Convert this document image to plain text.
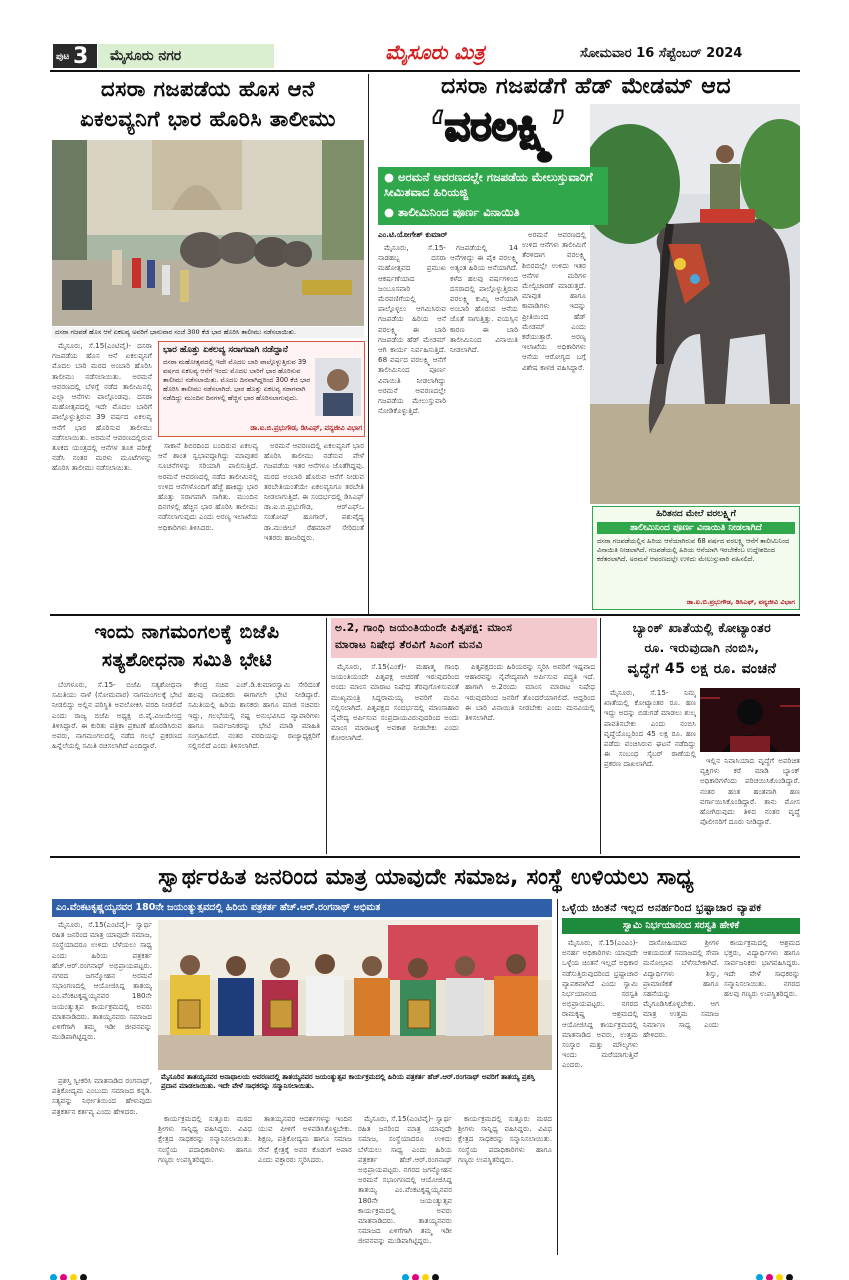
ಪುಟ 3 ಮೈಸೂರು ನಗರ	ಮೈಸೂರು ಮಿತ್ರ	ಸೋಮವಾರ 16 ಸೆಪ್ಟೆಂಬರ್ 2024
ದಸರಾ ಗಜಪಡೆಯ ಹೊಸ ಆನೆ
ಏಕಲವ್ಯನಿಗೆ ಭಾರ ಹೊರಿಸಿ ತಾಲೀಮು
ದಸರಾ ಗಜಪಡೆ ಹೊಸ ಆನೆ ಏಕಲವ್ಯ ಅವರಿಗೆ ಭಾನುವಾರ ಸಂಜೆ 300 ಕೆಜಿ ಭಾರ ಹೊರಿಸಿ ತಾಲೀಮು ನಡೆಸಲಾಯಿತು.

ಮೈಸೂರು, ಸೆ.15(ಎಂಟಿವೈ)- ದಸರಾ ಗಜಪಡೆಯ ಹೊಸ ಆನೆ ಏಕಲವ್ಯನಿಗೆ ಮೊದಲ ಬಾರಿ ಮರದ ಅಂಬಾರಿ ಹೊರಿಸಿ ತಾಲೀಮು ನಡೆಸಲಾಯಿತು. ಅರಮನೆ ಆವರಣದಲ್ಲಿ ಬೆಳಗ್ಗೆ ನಡೆದ ತಾಲೀಮಿನಲ್ಲಿ ಎಲ್ಲಾ ಆನೆಗಳು ಪಾಲ್ಗೊಂಡವು. ದಸರಾ ಮಹೋತ್ಸವದಲ್ಲಿ ಇದೇ ಮೊದಲ ಬಾರಿಗೆ ಪಾಲ್ಗೊಳ್ಳುತ್ತಿರುವ 39 ವರ್ಷದ ಏಕಲವ್ಯ ಆನೆಗೆ ಭಾರ ಹೊರಿಸುವ ತಾಲೀಮು ನಡೆಸಲಾಯಿತು. ಅರಮನೆ ಆವರಣದಲ್ಲಿರುವ ತೂಕದ ಯಂತ್ರದಲ್ಲಿ ಆನೆಗಳ ತೂಕ ಪರೀಕ್ಷೆ ನಡೆಸಿ ನಂತರ ಮರಳು ಮೂಟೆಗಳನ್ನು ಹೊರಿಸಿ ತಾಲೀಮು ನಡೆಸಲಾಯಿತು.

ಭಾರ ಹೊತ್ತು ಏಕಲವ್ಯ ಸರಾಗವಾಗಿ ನಡೆದ್ದಾನೆ
ದಸರಾ ಮಹೋತ್ಸವದಲ್ಲಿ ಇದೇ ಮೊದಲ ಬಾರಿ ಪಾಲ್ಗೊಳ್ಳುತ್ತಿರುವ 39 ವರ್ಷದ ಏಕಲವ್ಯ ಆನೆಗೆ ಇಂದು ಮೊದಲ ಬಾರಿಗೆ ಭಾರ ಹೊರಿಸುವ ತಾಲೀಮು ನಡೆಸಲಾಯಿತು. ಮೊದಲ ದಿನವಾಗಿದ್ದರಿಂದ 300 ಕೆಜಿ ಭಾರ ಹೊರಿಸಿ ತಾಲೀಮು ನಡೆಸಲಾಗಿದೆ. ಭಾರ ಹೊತ್ತು ಏಕಲವ್ಯ ಸರಾಗವಾಗಿ ನಡೆದಿದ್ದು ಮುಂದಿನ ದಿನಗಳಲ್ಲಿ ಹೆಚ್ಚಿನ ಭಾರ ಹೊರಿಸಲಾಗುವುದು.
ಡಾ.ಐ.ಬಿ.ಪ್ರಭುಗೌಡ, ಡಿಸಿಎಫ್, ವನ್ಯಜೀವಿ ವಿಭಾಗ

ಸಾಕಾನೆ ಶಿಬಿರದಿಂದ ಬಂದಿರುವ ಏಕಲವ್ಯ ಆನೆ ಶಾಂತ ಸ್ವಭಾವದ್ದಾಗಿದ್ದು ಮಾವುತರ ಸೂಚನೆಗಳನ್ನು ಸರಿಯಾಗಿ ಪಾಲಿಸುತ್ತಿದೆ. ಅರಮನೆ ಆವರಣದಲ್ಲಿ ನಡೆದ ತಾಲೀಮಿನಲ್ಲಿ ಉಳಿದ ಆನೆಗಳೊಂದಿಗೆ ಹೆಜ್ಜೆ ಹಾಕಿದ್ದು ಭಾರ ಹೊತ್ತು ಸರಾಗವಾಗಿ ಸಾಗಿತು. ಮುಂದಿನ ದಿನಗಳಲ್ಲಿ ಹೆಚ್ಚಿನ ಭಾರ ಹೊರಿಸಿ ತಾಲೀಮು ನಡೆಸಲಾಗುವುದು ಎಂದು ಅರಣ್ಯ ಇಲಾಖೆಯ ಅಧಿಕಾರಿಗಳು ತಿಳಿಸಿದರು.

ಅರಮನೆ ಆವರಣದಲ್ಲಿ ಏಕಲವ್ಯನಿಗೆ ಭಾರ ಹೊರಿಸಿ ತಾಲೀಮು ನಡೆಸುವ ವೇಳೆ ಗಜಪಡೆಯ ಇತರ ಆನೆಗಳೂ ಜೊತೆಗಿದ್ದವು. ಮರದ ಅಂಬಾರಿ ಹೊರುವ ಆನೆಗೆ ನೀಡುವ ತರಬೇತಿಯಂತೆಯೇ ಏಕಲವ್ಯನಿಗೂ ತರಬೇತಿ ನೀಡಲಾಗುತ್ತಿದೆ. ಈ ಸಂದರ್ಭದಲ್ಲಿ ಡಿಸಿಎಫ್ ಡಾ.ಐ.ಬಿ.ಪ್ರಭುಗೌಡ, ಆರ್‌ಎಫ್‌ಒ ಸಂತೋಷ್ ಹೂಗಾರ್, ಪಶುವೈದ್ಯ ಡಾ.ಮುಜೀಬ್ ರೆಹಮಾನ್ ಸೇರಿದಂತೆ ಇತರರು ಹಾಜರಿದ್ದರು.

ದಸರಾ ಗಜಪಡೆಗೆ ಹೆಡ್ ಮೇಡಮ್ ಆದ
‘ವರಲಕ್ಷ್ಮಿ’
● ಅರಮನೆ ಆವರಣದಲ್ಲೇ ಗಜಪಡೆಯ ಮೇಲುಸ್ತುವಾರಿಗೆ ಸೀಮಿತವಾದ ಹಿರಿಯಜ್ಜಿ
● ತಾಲೀಮಿನಿಂದ ಪೂರ್ಣ ವಿನಾಯಿತಿ
ಎಂ.ಟಿ.ಯೋಗೇಶ್ ಕುಮಾರ್

ಮೈಸೂರು, ಸೆ.15- ನಾಡಹಬ್ಬ ದಸರಾ ಮಹೋತ್ಸವದ ಪ್ರಮುಖ ಆಕರ್ಷಣೆಯಾದ ಜಂಬೂಸವಾರಿ ಮೆರವಣಿಗೆಯಲ್ಲಿ ಪಾಲ್ಗೊಳ್ಳಲು ಆಗಮಿಸಿರುವ ಗಜಪಡೆಯ ಹಿರಿಯ ಆನೆ ವರಲಕ್ಷ್ಮಿ ಈ ಬಾರಿ ಗಜಪಡೆಯ ಹೆಡ್ ಮೇಡಮ್ ಆಗಿ ಕಾರ್ಯ ನಿರ್ವಹಿಸುತ್ತಿದೆ. 68 ವರ್ಷದ ವರಲಕ್ಷ್ಮಿ ಆನೆಗೆ ತಾಲೀಮಿನಿಂದ ಪೂರ್ಣ ವಿನಾಯಿತಿ ನೀಡಲಾಗಿದ್ದು ಅರಮನೆ ಆವರಣದಲ್ಲೇ ಗಜಪಡೆಯ ಮೇಲುಸ್ತುವಾರಿ ನೋಡಿಕೊಳ್ಳುತ್ತಿದೆ.

ಗಜಪಡೆಯಲ್ಲಿ 14 ಆನೆಗಳಿದ್ದು ಈ ಪೈಕಿ ವರಲಕ್ಷ್ಮಿ ಅತ್ಯಂತ ಹಿರಿಯ ಆನೆಯಾಗಿದೆ. ಕಳೆದ ಹಲವು ವರ್ಷಗಳಿಂದ ದಸರಾದಲ್ಲಿ ಪಾಲ್ಗೊಳ್ಳುತ್ತಿರುವ ವರಲಕ್ಷ್ಮಿ ಕುಮ್ಕಿ ಆನೆಯಾಗಿ ಅಂಬಾರಿ ಹೊರುವ ಆನೆಯ ಜೊತೆ ಸಾಗುತ್ತಿತ್ತು. ವಯಸ್ಸಿನ ಕಾರಣ ಈ ಬಾರಿ ತಾಲೀಮಿನಿಂದ ವಿನಾಯಿತಿ ನೀಡಲಾಗಿದೆ.

ಅರಮನೆ ಆವರಣದಲ್ಲಿ ಉಳಿದ ಆನೆಗಳು ತಾಲೀಮಿಗೆ ತೆರಳಿದಾಗ ವರಲಕ್ಷ್ಮಿ ಶಿಬಿರದಲ್ಲೇ ಉಳಿದು ಇತರ ಆನೆಗಳ ಮರಿಗಳ ಮೇಲ್ವಿಚಾರಣೆ ಮಾಡುತ್ತದೆ. ಮಾವುತ ಹಾಗೂ ಕಾವಾಡಿಗಳು ಇದನ್ನು ಪ್ರೀತಿಯಿಂದ ಹೆಡ್ ಮೇಡಮ್ ಎಂದು ಕರೆಯುತ್ತಾರೆ. ಅರಣ್ಯ ಇಲಾಖೆಯ ಅಧಿಕಾರಿಗಳು ಆನೆಯ ಆರೋಗ್ಯದ ಬಗ್ಗೆ ವಿಶೇಷ ಕಾಳಜಿ ವಹಿಸಿದ್ದಾರೆ.

ಹಿರಿತನದ ಮೇಲೆ ವರಲಕ್ಷ್ಮಿಗೆ
ತಾಲೀಮಿನಿಂದ ಪೂರ್ಣ ವಿನಾಯಿತಿ ನೀಡಲಾಗಿದೆ
ದಸರಾ ಗಜಪಡೆಯಲ್ಲಿನ ಹಿರಿಯ ಆನೆಯಾಗಿರುವ 68 ವರ್ಷದ ವರಲಕ್ಷ್ಮಿ ಆನೆಗೆ ತಾಲೀಮಿನಿಂದ ವಿನಾಯಿತಿ ನೀಡಲಾಗಿದೆ. ಗಜಪಡೆಯಲ್ಲಿ ಹಿರಿಯ ಆನೆಯಾಗಿ ಇರಬೇಕೆಂಬ ಉದ್ದೇಶದಿಂದ ಕರೆತರಲಾಗಿದೆ. ಅರಮನೆ ಆವರಣದಲ್ಲೇ ಉಳಿದು ಮೇಲುಸ್ತುವಾರಿ ವಹಿಸಲಿದೆ.
ಡಾ.ಐ.ಬಿ.ಪ್ರಭುಗೌಡ, ಡಿಸಿಎಫ್, ವನ್ಯಜೀವಿ ವಿಭಾಗ
ಇಂದು ನಾಗಮಂಗಲಕ್ಕೆ ಬಿಜೆಪಿ
ಸತ್ಯಶೋಧನಾ ಸಮಿತಿ ಭೇಟಿ

ಬೆಂಗಳೂರು, ಸೆ.15- ಬಿಜೆಪಿ ಸತ್ಯಶೋಧನಾ ಸಮಿತಿಯು ನಾಳೆ (ಸೋಮವಾರ) ನಾಗಮಂಗಲಕ್ಕೆ ಭೇಟಿ ನೀಡಲಿದ್ದು ಅಲ್ಲಿನ ಪರಿಸ್ಥಿತಿ ಅವಲೋಕಿಸಿ ವರದಿ ನೀಡಲಿದೆ ಎಂದು ರಾಜ್ಯ ಬಿಜೆಪಿ ಅಧ್ಯಕ್ಷ ಬಿ.ವೈ.ವಿಜಯೇಂದ್ರ ತಿಳಿಸಿದ್ದಾರೆ. ಈ ಕುರಿತು ಪತ್ರಿಕಾ ಪ್ರಕಟಣೆ ಹೊರಡಿಸಿರುವ ಅವರು, ನಾಗಮಂಗಲದಲ್ಲಿ ನಡೆದ ಗಲಭೆ ಪ್ರಕರಣದ ಹಿನ್ನೆಲೆಯಲ್ಲಿ ಸಮಿತಿ ರಚಿಸಲಾಗಿದೆ ಎಂದಿದ್ದಾರೆ.

ಕೇಂದ್ರ ಸಚಿವ ಎಚ್.ಡಿ.ಕುಮಾರಸ್ವಾಮಿ ಸೇರಿದಂತೆ ಹಲವು ನಾಯಕರು ಈಗಾಗಲೇ ಭೇಟಿ ನೀಡಿದ್ದಾರೆ. ಸಮಿತಿಯಲ್ಲಿ ಹಿರಿಯ ಶಾಸಕರು ಹಾಗೂ ಮಾಜಿ ಸಚಿವರು ಇದ್ದು, ಗಲಭೆಯಲ್ಲಿ ನಷ್ಟ ಅನುಭವಿಸಿದ ವ್ಯಾಪಾರಿಗಳು ಹಾಗೂ ಸಾರ್ವಜನಿಕರನ್ನು ಭೇಟಿ ಮಾಡಿ ಮಾಹಿತಿ ಸಂಗ್ರಹಿಸಲಿದೆ. ನಂತರ ವರದಿಯನ್ನು ರಾಜ್ಯಾಧ್ಯಕ್ಷರಿಗೆ ಸಲ್ಲಿಸಲಿದೆ ಎಂದು ತಿಳಿಸಲಾಗಿದೆ.

ಅ.2, ಗಾಂಧಿ ಜಯಂತಿಯಂದೇ ಪಿತೃಪಕ್ಷ: ಮಾಂಸ
ಮಾರಾಟ ನಿಷೇಧ ತೆರವಿಗೆ ಸಿಎಂಗೆ ಮನವಿ

ಮೈಸೂರು, ಸೆ.15(ಎಂಕೆ)- ಮಹಾತ್ಮ ಗಾಂಧಿ ಜಯಂತಿಯಂದೇ ಪಿತೃಪಕ್ಷ ಆಚರಣೆ ಇರುವುದರಿಂದ ಅಂದು ಮಾಂಸ ಮಾರಾಟ ನಿಷೇಧ ತೆರವುಗೊಳಿಸುವಂತೆ ಮುಖ್ಯಮಂತ್ರಿ ಸಿದ್ದರಾಮಯ್ಯ ಅವರಿಗೆ ಮನವಿ ಸಲ್ಲಿಸಲಾಗಿದೆ. ಪಿತೃಪಕ್ಷದ ಸಂದರ್ಭದಲ್ಲಿ ಮಾಂಸಾಹಾರ ನೈವೇದ್ಯ ಅರ್ಪಿಸುವ ಸಂಪ್ರದಾಯವಿರುವುದರಿಂದ ಅಂದು ಮಾಂಸ ಮಾರಾಟಕ್ಕೆ ಅವಕಾಶ ನೀಡಬೇಕು ಎಂದು ಕೋರಲಾಗಿದೆ.

ಪಿತೃಪಕ್ಷದಂದು ಹಿರಿಯರನ್ನು ಸ್ಮರಿಸಿ ಅವರಿಗೆ ಇಷ್ಟವಾದ ಆಹಾರವನ್ನು ನೈವೇದ್ಯವಾಗಿ ಅರ್ಪಿಸುವ ಪದ್ಧತಿ ಇದೆ. ಹಾಗಾಗಿ ಅ.2ರಂದು ಮಾಂಸ ಮಾರಾಟ ನಿಷೇಧ ಇರುವುದರಿಂದ ಜನರಿಗೆ ತೊಂದರೆಯಾಗಲಿದೆ. ಆದ್ದರಿಂದ ಈ ಬಾರಿ ವಿನಾಯಿತಿ ನೀಡಬೇಕು ಎಂದು ಮನವಿಯಲ್ಲಿ ತಿಳಿಸಲಾಗಿದೆ.

ಬ್ಯಾಂಕ್ ಖಾತೆಯಲ್ಲಿ ಕೋಟ್ಯಾಂತರ
ರೂ. ಇರುವುದಾಗಿ ನಂಬಿಸಿ,
ವೃದ್ಧೆಗೆ 45 ಲಕ್ಷ ರೂ. ವಂಚನೆ

ಮೈಸೂರು, ಸೆ.15- ನಿಮ್ಮ ಖಾತೆಯಲ್ಲಿ ಕೋಟ್ಯಾಂತರ ರೂ. ಹಣ ಇದ್ದು ಅದನ್ನು ಬಿಡುಗಡೆ ಮಾಡಲು ಶುಲ್ಕ ಪಾವತಿಸಬೇಕು ಎಂದು ನಂಬಿಸಿ ವೃದ್ಧೆಯೊಬ್ಬರಿಂದ 45 ಲಕ್ಷ ರೂ. ಹಣ ಪಡೆದು ವಂಚಿಸಿರುವ ಘಟನೆ ನಡೆದಿದ್ದು ಈ ಸಂಬಂಧ ಸೈಬರ್ ಠಾಣೆಯಲ್ಲಿ ಪ್ರಕರಣ ದಾಖಲಾಗಿದೆ.	ಇಲ್ಲಿನ ನಿವಾಸಿಯಾದ ವೃದ್ಧೆಗೆ ಅಪರಿಚಿತ ವ್ಯಕ್ತಿಗಳು ಕರೆ ಮಾಡಿ ಬ್ಯಾಂಕ್ ಅಧಿಕಾರಿಗಳೆಂದು ಪರಿಚಯಿಸಿಕೊಂಡಿದ್ದಾರೆ. ನಂತರ ಹಂತ ಹಂತವಾಗಿ ಹಣ ವರ್ಗಾಯಿಸಿಕೊಂಡಿದ್ದಾರೆ. ತಾನು ಮೋಸ ಹೋಗಿರುವುದು ತಿಳಿದ ನಂತರ ವೃದ್ಧೆ ಪೊಲೀಸರಿಗೆ ದೂರು ನೀಡಿದ್ದಾರೆ.

ಸ್ವಾರ್ಥರಹಿತ ಜನರಿಂದ ಮಾತ್ರ ಯಾವುದೇ ಸಮಾಜ, ಸಂಸ್ಥೆ ಉಳಿಯಲು ಸಾಧ್ಯ
ಎಂ.ವೆಂಕಟಕೃಷ್ಣಯ್ಯನವರ 180ನೇ ಜಯಂತ್ಯುತ್ಸವದಲ್ಲಿ ಹಿರಿಯ ಪತ್ರಕರ್ತ ಹೆಚ್.ಆರ್.ರಂಗನಾಥ್ ಅಭಿಮತ

ಮೈಸೂರು, ಸೆ.15(ಎಂಟಿವೈ)- ಸ್ವಾರ್ಥ ರಹಿತ ಜನರಿಂದ ಮಾತ್ರ ಯಾವುದೇ ಸಮಾಜ, ಸಂಸ್ಥೆಯಾದರೂ ಉಳಿದು ಬೆಳೆಯಲು ಸಾಧ್ಯ ಎಂದು ಹಿರಿಯ ಪತ್ರಕರ್ತ ಹೆಚ್.ಆರ್.ರಂಗನಾಥ್ ಅಭಿಪ್ರಾಯಪಟ್ಟರು. ನಗರದ ಜಗನ್ಮೋಹನ ಅರಮನೆ ಸಭಾಂಗಣದಲ್ಲಿ ಆಯೋಜಿಸಿದ್ದ ತಾತಯ್ಯ ಎಂ.ವೆಂಕಟಕೃಷ್ಣಯ್ಯನವರ 180ನೇ ಜಯಂತ್ಯುತ್ಸವ ಕಾರ್ಯಕ್ರಮದಲ್ಲಿ ಅವರು ಮಾತನಾಡಿದರು. ತಾತಯ್ಯನವರು ಸಮಾಜದ ಏಳಿಗೆಗಾಗಿ ತಮ್ಮ ಇಡೀ ಜೀವನವನ್ನು ಮುಡಿಪಾಗಿಟ್ಟಿದ್ದರು.

ಮೈಸೂರಿನ ತಾತಯ್ಯನವರ ಅನಾಥಾಲಯ ಅವರಣದಲ್ಲಿ ತಾತಯ್ಯನವರ ಜಯಂತ್ಯುತ್ಸವ ಕಾರ್ಯಕ್ರಮದಲ್ಲಿ ಹಿರಿಯ ಪತ್ರಕರ್ತ ಹೆಚ್.ಆರ್.ರಂಗನಾಥ್ ಅವರಿಗೆ ತಾತಯ್ಯ ಪ್ರಶಸ್ತಿ ಪ್ರದಾನ ಮಾಡಲಾಯಿತು. ಇದೇ ವೇಳೆ ಸಾಧಕರನ್ನು ಸನ್ಮಾನಿಸಲಾಯಿತು.

ಪ್ರಶಸ್ತಿ ಸ್ವೀಕರಿಸಿ ಮಾತನಾಡಿದ ರಂಗನಾಥ್, ಪತ್ರಿಕೋದ್ಯಮ ಎಂಬುದು ಸಮಾಜದ ಕನ್ನಡಿ. ಸತ್ಯವನ್ನು ನಿರ್ಭೀತಿಯಿಂದ ಹೇಳುವುದು ಪತ್ರಕರ್ತನ ಕರ್ತವ್ಯ ಎಂದು ಹೇಳಿದರು.

ಕಾರ್ಯಕ್ರಮದಲ್ಲಿ ಸುತ್ತೂರು ಮಠದ ಶ್ರೀಗಳು ಸಾನ್ನಿಧ್ಯ ವಹಿಸಿದ್ದರು. ವಿವಿಧ ಕ್ಷೇತ್ರದ ಸಾಧಕರನ್ನು ಸನ್ಮಾನಿಸಲಾಯಿತು. ಸಂಸ್ಥೆಯ ಪದಾಧಿಕಾರಿಗಳು ಹಾಗೂ ಗಣ್ಯರು ಉಪಸ್ಥಿತರಿದ್ದರು.

ತಾತಯ್ಯನವರ ಆದರ್ಶಗಳನ್ನು ಇಂದಿನ ಯುವ ಪೀಳಿಗೆ ಅಳವಡಿಸಿಕೊಳ್ಳಬೇಕು. ಶಿಕ್ಷಣ, ಪತ್ರಿಕೋದ್ಯಮ ಹಾಗೂ ಸಮಾಜ ಸೇವೆ ಕ್ಷೇತ್ರಕ್ಕೆ ಅವರ ಕೊಡುಗೆ ಅಪಾರ ಎಂದು ವಕ್ತಾರರು ಸ್ಮರಿಸಿದರು.

ಮೈಸೂರು, ಸೆ.15(ಎಂಟಿವೈ)- ಸ್ವಾರ್ಥ ರಹಿತ ಜನರಿಂದ ಮಾತ್ರ ಯಾವುದೇ ಸಮಾಜ, ಸಂಸ್ಥೆಯಾದರೂ ಉಳಿದು ಬೆಳೆಯಲು ಸಾಧ್ಯ ಎಂದು ಹಿರಿಯ ಪತ್ರಕರ್ತ ಹೆಚ್.ಆರ್.ರಂಗನಾಥ್ ಅಭಿಪ್ರಾಯಪಟ್ಟರು. ನಗರದ ಜಗನ್ಮೋಹನ ಅರಮನೆ ಸಭಾಂಗಣದಲ್ಲಿ ಆಯೋಜಿಸಿದ್ದ ತಾತಯ್ಯ ಎಂ.ವೆಂಕಟಕೃಷ್ಣಯ್ಯನವರ 180ನೇ ಜಯಂತ್ಯುತ್ಸವ ಕಾರ್ಯಕ್ರಮದಲ್ಲಿ ಅವರು ಮಾತನಾಡಿದರು. ತಾತಯ್ಯನವರು ಸಮಾಜದ ಏಳಿಗೆಗಾಗಿ ತಮ್ಮ ಇಡೀ ಜೀವನವನ್ನು ಮುಡಿಪಾಗಿಟ್ಟಿದ್ದರು.

ಕಾರ್ಯಕ್ರಮದಲ್ಲಿ ಸುತ್ತೂರು ಮಠದ ಶ್ರೀಗಳು ಸಾನ್ನಿಧ್ಯ ವಹಿಸಿದ್ದರು. ವಿವಿಧ ಕ್ಷೇತ್ರದ ಸಾಧಕರನ್ನು ಸನ್ಮಾನಿಸಲಾಯಿತು. ಸಂಸ್ಥೆಯ ಪದಾಧಿಕಾರಿಗಳು ಹಾಗೂ ಗಣ್ಯರು ಉಪಸ್ಥಿತರಿದ್ದರು.

ಒಳ್ಳೆಯ ಚಿಂತನೆ ಇಲ್ಲದ ಅನರ್ಹರಿಂದ ಭ್ರಷ್ಟಾಚಾರ ವ್ಯಾಪಕ
ಸ್ವಾಮಿ ನಿರ್ಭಯಾನಂದ ಸರಸ್ವತಿ ಹೇಳಿಕೆ

ಮೈಸೂರು, ಸೆ.15(ಎಂಎಂ)- ಅನರ್ಹ ಅಧಿಕಾರಿಗಳು ಯಾವುದೇ ಒಳ್ಳೆಯ ಚಿಂತನೆ ಇಲ್ಲದೆ ಅಧಿಕಾರ ನಡೆಸುತ್ತಿರುವುದರಿಂದ ಭ್ರಷ್ಟಾಚಾರ ವ್ಯಾಪಕವಾಗಿದೆ ಎಂದು ಸ್ವಾಮಿ ನಿರ್ಭಯಾನಂದ ಸರಸ್ವತಿ ಅಭಿಪ್ರಾಯಪಟ್ಟರು. ನಗರದ ರಾಮಕೃಷ್ಣ ಆಶ್ರಮದಲ್ಲಿ ಆಯೋಜಿಸಿದ್ದ ಕಾರ್ಯಕ್ರಮದಲ್ಲಿ ಮಾತನಾಡಿದ ಅವರು, ಉತ್ತಮ ಸಂಸ್ಕಾರ ಮತ್ತು ಮೌಲ್ಯಗಳು ಇಂದು ಮರೆಯಾಗುತ್ತಿವೆ ಎಂದರು.

ದಾಸೋಹಿಯಾದ ಶ್ರೀಗಳ ಆಶಯದಂತೆ ಸಮಾಜದಲ್ಲಿ ಸೇವಾ ಮನೋಭಾವ ಬೆಳೆಸಬೇಕಾಗಿದೆ. ವಿದ್ಯಾರ್ಥಿಗಳು ಶಿಸ್ತು, ಪ್ರಾಮಾಣಿಕತೆ ಹಾಗೂ ಸಹನೆಯನ್ನು ಮೈಗೂಡಿಸಿಕೊಳ್ಳಬೇಕು. ಆಗ ಮಾತ್ರ ಉತ್ತಮ ಸಮಾಜ ನಿರ್ಮಾಣ ಸಾಧ್ಯ ಎಂದು ಹೇಳಿದರು.

ಕಾರ್ಯಕ್ರಮದಲ್ಲಿ ಆಶ್ರಮದ ಭಕ್ತರು, ವಿದ್ಯಾರ್ಥಿಗಳು ಹಾಗೂ ಸಾರ್ವಜನಿಕರು ಭಾಗವಹಿಸಿದ್ದರು. ಇದೇ ವೇಳೆ ಸಾಧಕರನ್ನು ಸನ್ಮಾನಿಸಲಾಯಿತು. ನಗರದ ಹಲವು ಗಣ್ಯರು ಉಪಸ್ಥಿತರಿದ್ದರು.
